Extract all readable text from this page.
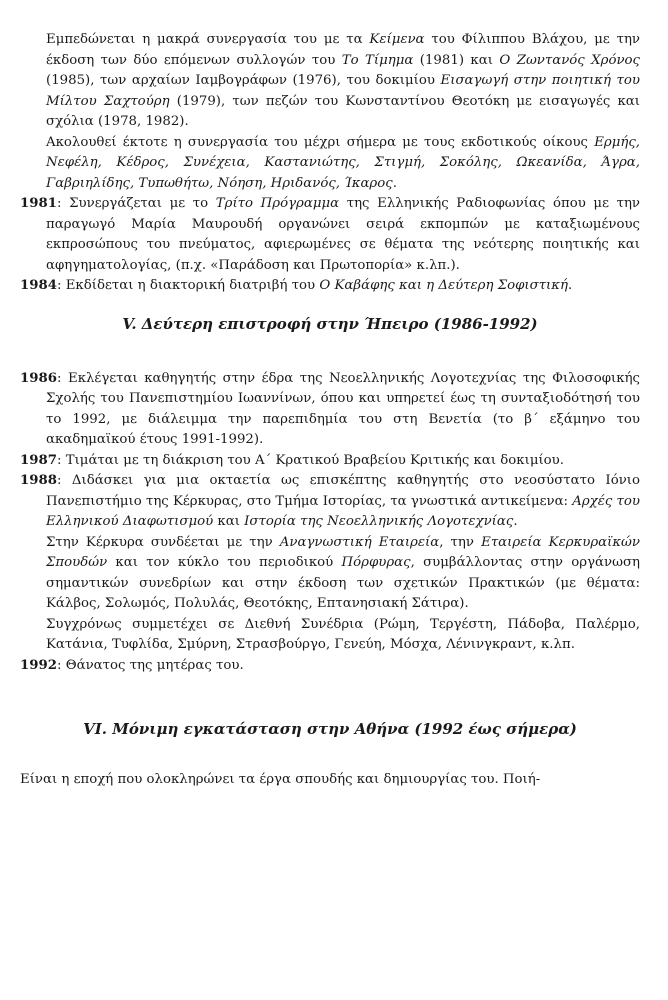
Εμπεδώνεται η μακρά συνεργασία του με τα Κείμενα του Φίλιππου Βλάχου, με την έκδοση των δύο επόμενων συλλογών του Το Τίμημα (1981) και Ο Ζωντανός Χρόνος (1985), των αρχαίων Ιαμβογράφων (1976), του δοκιμίου Εισαγωγή στην ποιητική του Μίλτου Σαχτούρη (1979), των πεζών του Κωνσταντίνου Θεοτόκη με εισαγωγές και σχόλια (1978, 1982).

Ακολουθεί έκτοτε η συνεργασία του μέχρι σήμερα με τους εκδοτικούς οίκους Ερμής, Νεφέλη, Κέδρος, Συνέχεια, Καστανιώτης, Στιγμή, Σοκόλης, Ωκεανίδα, Άγρα, Γαβριηλίδης, Τυπωθήτω, Νόηση, Ηριδανός, Ίκαρος.

1981: Συνεργάζεται με το Τρίτο Πρόγραμμα της Ελληνικής Ραδιοφωνίας όπου με την παραγωγό Μαρία Μαυρουδή οργανώνει σειρά εκπομπών με καταξιωμένους εκπροσώπους του πνεύματος, αφιερωμένες σε θέματα της νεότερης ποιητικής και αφηγηματολογίας, (π.χ. «Παράδοση και Πρωτοπορία» κ.λπ.).

1984: Εκδίδεται η διακτορική διατριβή του Ο Καβάφης και η Δεύτερη Σοφιστική.

V. Δεύτερη επιστροφή στην Ήπειρο (1986-1992)

1986: Εκλέγεται καθηγητής στην έδρα της Νεοελληνικής Λογοτεχνίας της Φιλοσοφικής Σχολής του Πανεπιστημίου Ιωαννίνων, όπου και υπηρετεί έως τη συνταξιοδότησή του το 1992, με διάλειμμα την παρεπιδημία του στη Βενετία (το β´ εξάμηνο του ακαδημαϊκού έτους 1991-1992).

1987: Τιμάται με τη διάκριση του Α´ Κρατικού Βραβείου Κριτικής και δοκιμίου.

1988: Διδάσκει για μια οκταετία ως επισκέπτης καθηγητής στο νεοσύστατο Ιόνιο Πανεπιστήμιο της Κέρκυρας, στο Τμήμα Ιστορίας, τα γνωστικά αντικείμενα: Αρχές του Ελληνικού Διαφωτισμού και Ιστορία της Νεοελληνικής Λογοτεχνίας.

Στην Κέρκυρα συνδέεται με την Αναγνωστική Εταιρεία, την Εταιρεία Κερκυραϊκών Σπουδών και τον κύκλο του περιοδικού Πόρφυρας, συμβάλλοντας στην οργάνωση σημαντικών συνεδρίων και στην έκδοση των σχετικών Πρακτικών (με θέματα: Κάλβος, Σολωμός, Πολυλάς, Θεοτόκης, Επτανησιακή Σάτιρα).

Συγχρόνως συμμετέχει σε Διεθνή Συνέδρια (Ρώμη, Τεργέστη, Πάδοβα, Παλέρμο, Κατάνια, Τυφλίδα, Σμύρνη, Στρασβούργο, Γενεύη, Μόσχα, Λένινγκραντ, κ.λπ.

1992: Θάνατος της μητέρας του.

VI. Μόνιμη εγκατάσταση στην Αθήνα (1992 έως σήμερα)

Είναι η εποχή που ολοκληρώνει τα έργα σπουδής και δημιουργίας του. Ποιή-
